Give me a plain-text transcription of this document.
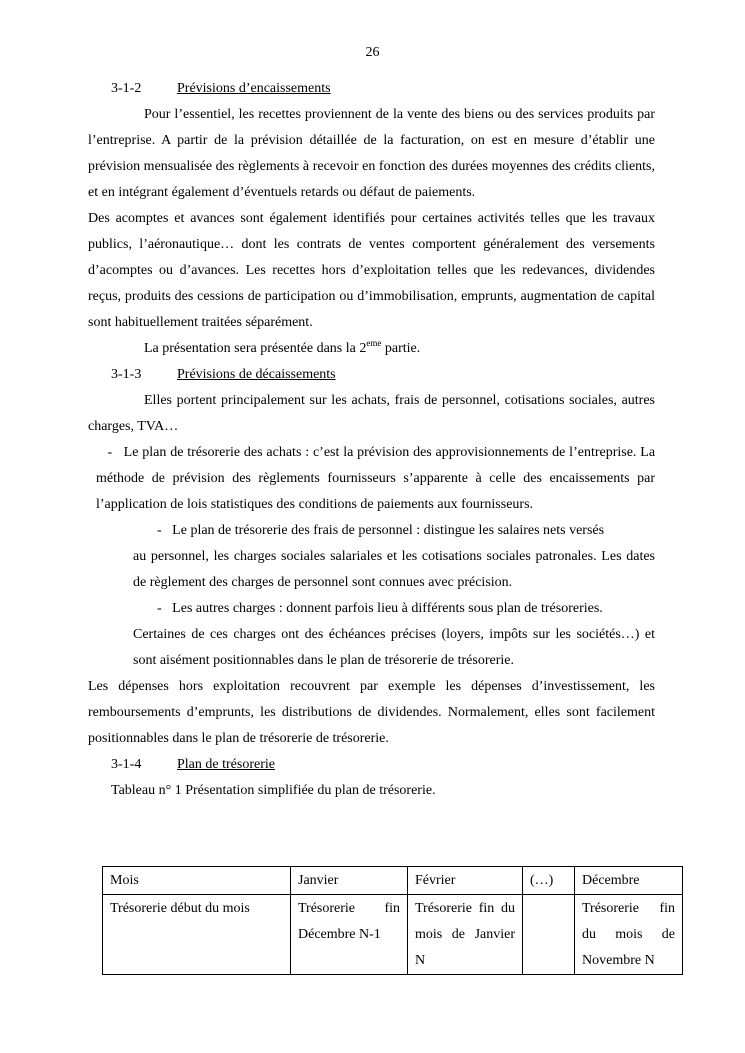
26

3-1-2	Prévisions d’encaissements

Pour l’essentiel, les recettes proviennent de la vente des biens ou des services produits par l’entreprise. A partir de la prévision détaillée de la facturation, on est en mesure d’établir une prévision mensualisée des règlements à recevoir en fonction des durées moyennes des crédits clients, et en intégrant également d’éventuels retards ou défaut de paiements.

Des acomptes et avances sont également identifiés pour certaines activités telles que les travaux publics, l’aéronautique… dont les contrats de ventes comportent généralement des versements d’acomptes ou d’avances. Les recettes hors d’exploitation telles que les redevances, dividendes reçus, produits des cessions de participation ou d’immobilisation, emprunts, augmentation de capital sont habituellement traitées séparément.

La présentation sera présentée dans la 2eme partie.

3-1-3	Prévisions de décaissements

Elles portent principalement sur les achats, frais de personnel, cotisations sociales, autres charges, TVA…

- Le plan de trésorerie des achats : c’est la prévision des approvisionnements de l’entreprise. La méthode de prévision des règlements fournisseurs s’apparente à celle des encaissements par l’application de lois statistiques des conditions de paiements aux fournisseurs.

- Le plan de trésorerie des frais de personnel : distingue les salaires nets versés

au personnel, les charges sociales salariales et les cotisations sociales patronales. Les dates de règlement des charges de personnel sont connues avec précision.

- Les autres charges : donnent parfois lieu à différents sous plan de trésoreries.

Certaines de ces charges ont des échéances précises (loyers, impôts sur les sociétés…) et sont aisément positionnables dans le plan de trésorerie de trésorerie.

Les dépenses hors exploitation recouvrent par exemple les dépenses d’investissement, les remboursements d’emprunts, les distributions de dividendes. Normalement, elles sont facilement positionnables dans le plan de trésorerie de trésorerie.

3-1-4	Plan de trésorerie

Tableau n° 1 Présentation simplifiée du plan de trésorerie.

Mois	Janvier	Février	(…)	Décembre
Trésorerie début du mois	Trésorerie fin Décembre N-1	Trésorerie fin du mois de Janvier N		Trésorerie fin du mois de Novembre N
